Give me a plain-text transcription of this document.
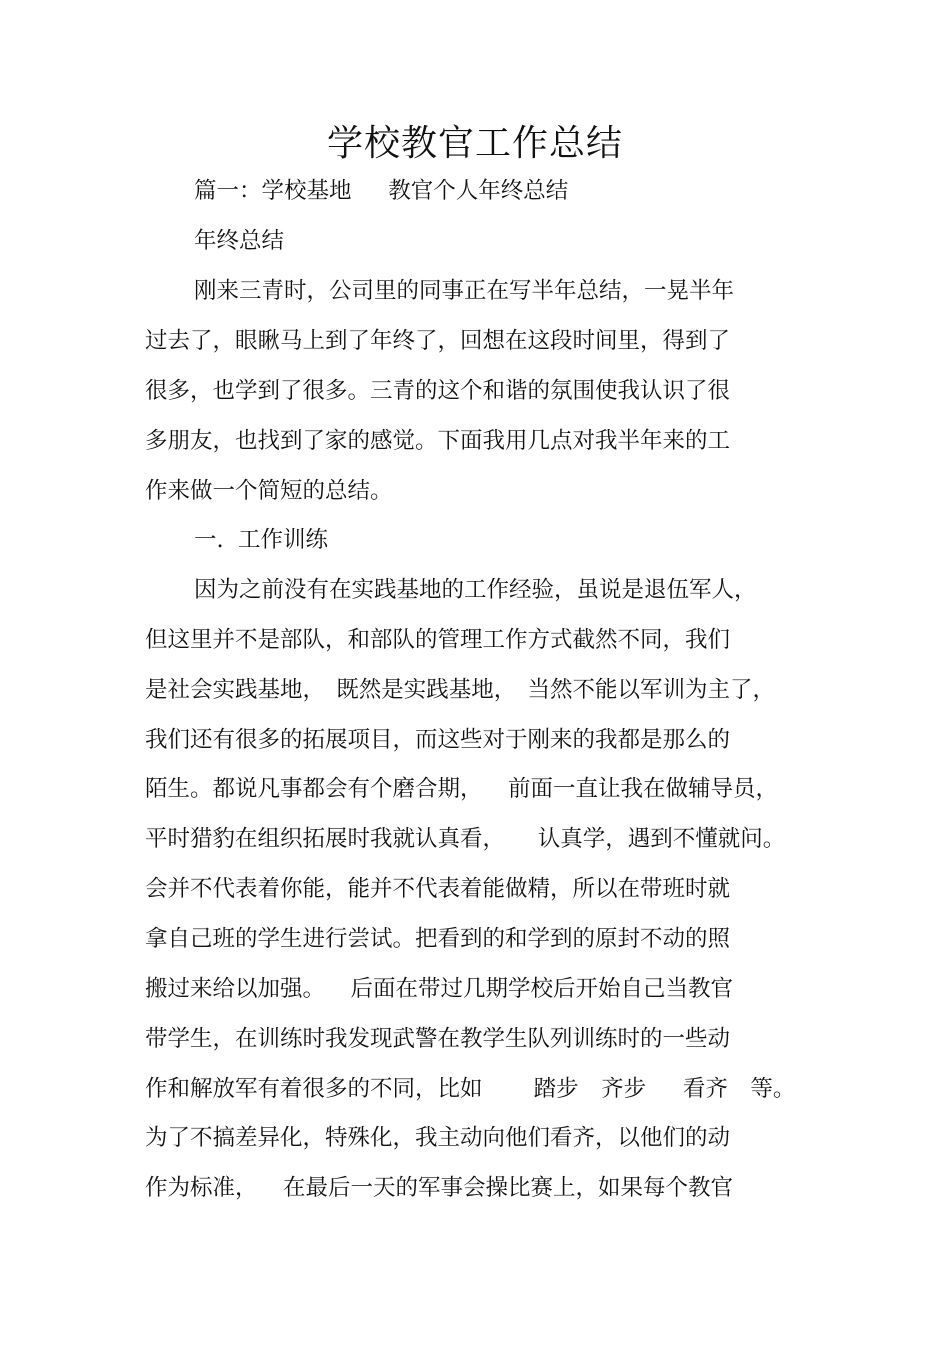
学校教官工作总结

篇一：学校基地　  教官个人年终总结

年终总结

刚来三青时，公司里的同事正在写半年总结，一晃半年

过去了，眼瞅马上到了年终了，回想在这段时间里，得到了

很多，也学到了很多。三青的这个和谐的氛围使我认识了很

多朋友，也找到了家的感觉。下面我用几点对我半年来的工

作来做一个简短的总结。

一.  工作训练

因为之前没有在实践基地的工作经验，虽说是退伍军人，

但这里并不是部队，和部队的管理工作方式截然不同，我们

是社会实践基地，　既然是实践基地，　当然不能以军训为主了，

我们还有很多的拓展项目，而这些对于刚来的我都是那么的

陌生。都说凡事都会有个磨合期，　  前面一直让我在做辅导员，

平时猎豹在组织拓展时我就认真看，　   认真学，遇到不懂就问。

会并不代表着你能，能并不代表着能做精，所以在带班时就

拿自己班的学生进行尝试。把看到的和学到的原封不动的照

搬过来给以加强。　  后面在带过几期学校后开始自己当教官

带学生，在训练时我发现武警在教学生队列训练时的一些动

作和解放军有着很多的不同，比如　    踏步　齐步　  看齐　等。

为了不搞差异化，特殊化，我主动向他们看齐，以他们的动

作为标准，　  在最后一天的军事会操比赛上，如果每个教官
